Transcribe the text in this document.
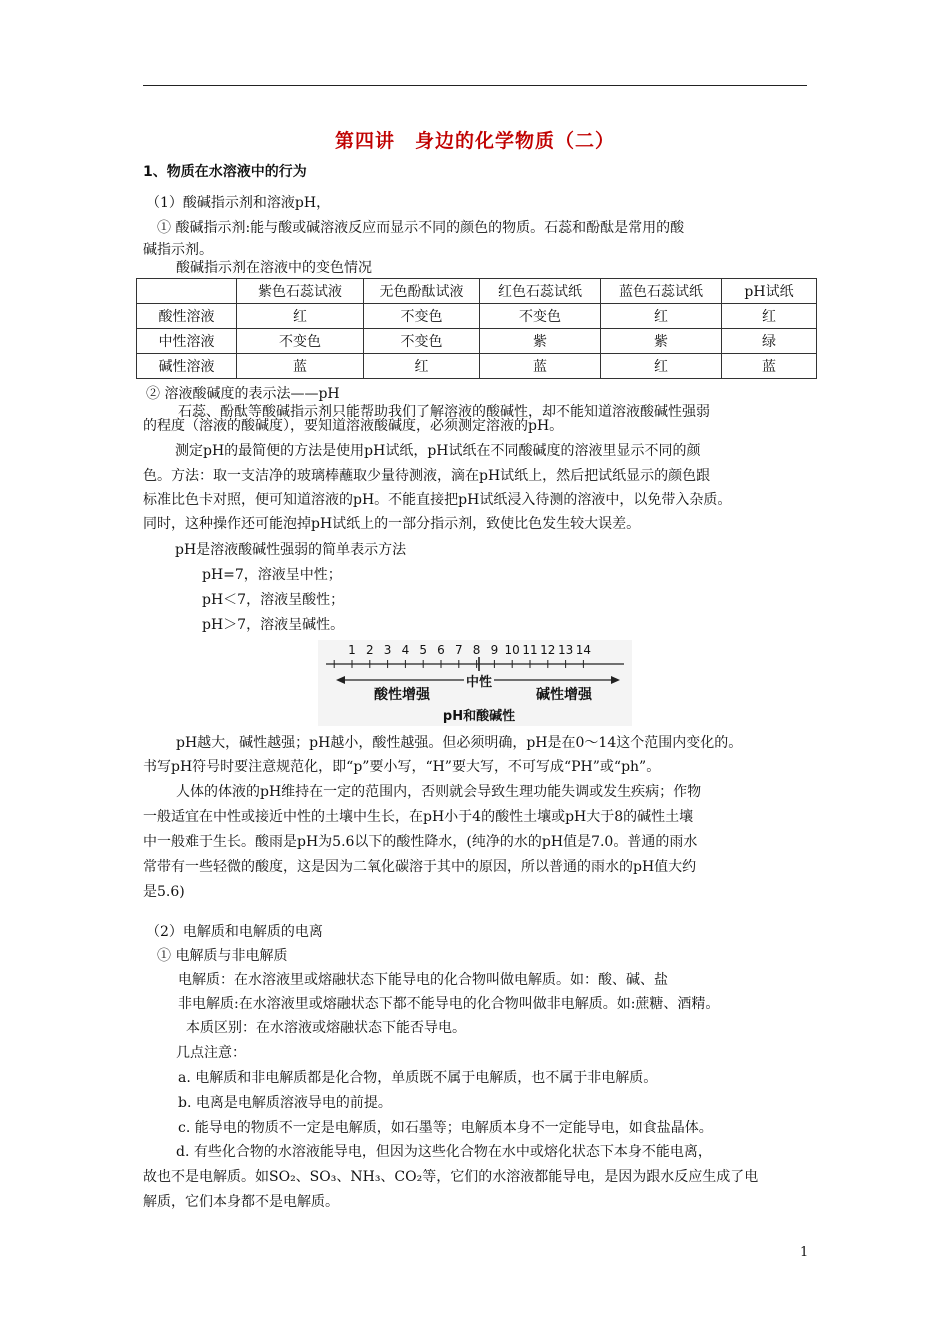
第四讲　身边的化学物质（二）
1、物质在水溶液中的行为
（1）酸碱指示剂和溶液pH，
① 酸碱指示剂:能与酸或碱溶液反应而显示不同的颜色的物质。石蕊和酚酞是常用的酸
碱指示剂。
酸碱指示剂在溶液中的变色情况
	紫色石蕊试液	无色酚酞试液	红色石蕊试纸	蓝色石蕊试纸	pH试纸
酸性溶液	红	不变色	不变色	红	红
中性溶液	不变色	不变色	紫	紫	绿
碱性溶液	蓝	红	蓝	红	蓝
② 溶液酸碱度的表示法——pH
石蕊、酚酞等酸碱指示剂只能帮助我们了解溶液的酸碱性，却不能知道溶液酸碱性强弱
的程度（溶液的酸碱度），要知道溶液酸碱度，必须测定溶液的pH。
测定pH的最简便的方法是使用pH试纸，pH试纸在不同酸碱度的溶液里显示不同的颜
色。方法：取一支洁净的玻璃棒蘸取少量待测液，滴在pH试纸上，然后把试纸显示的颜色跟
标准比色卡对照，便可知道溶液的pH。不能直接把pH试纸浸入待测的溶液中，以免带入杂质。
同时，这种操作还可能泡掉pH试纸上的一部分指示剂，致使比色发生较大误差。
pH是溶液酸碱性强弱的简单表示方法
pH=7，溶液呈中性；
pH＜7，溶液呈酸性；
pH＞7，溶液呈碱性。
1 2 3 4 5 6 7 8 9 10 11 12 13 14
酸性增强
中性
碱性增强
pH和酸碱性
pH越大，碱性越强；pH越小，酸性越强。但必须明确，pH是在0～14这个范围内变化的。
书写pH符号时要注意规范化，即“p”要小写，“H”要大写，不可写成“PH”或“ph”。
人体的体液的pH维持在一定的范围内，否则就会导致生理功能失调或发生疾病；作物
一般适宜在中性或接近中性的土壤中生长，在pH小于4的酸性土壤或pH大于8的碱性土壤
中一般难于生长。酸雨是pH为5.6以下的酸性降水，(纯净的水的pH值是7.0。普通的雨水
常带有一些轻微的酸度，这是因为二氧化碳溶于其中的原因，所以普通的雨水的pH值大约
是5.6)
（2）电解质和电解质的电离
① 电解质与非电解质
电解质：在水溶液里或熔融状态下能导电的化合物叫做电解质。如：酸、碱、盐
非电解质:在水溶液里或熔融状态下都不能导电的化合物叫做非电解质。如:蔗糖、酒精。
本质区别：在水溶液或熔融状态下能否导电。
几点注意：
a. 电解质和非电解质都是化合物，单质既不属于电解质，也不属于非电解质。
b. 电离是电解质溶液导电的前提。
c. 能导电的物质不一定是电解质，如石墨等；电解质本身不一定能导电，如食盐晶体。
d. 有些化合物的水溶液能导电，但因为这些化合物在水中或熔化状态下本身不能电离，
故也不是电解质。如SO₂、SO₃、NH₃、CO₂等，它们的水溶液都能导电，是因为跟水反应生成了电
解质，它们本身都不是电解质。
1
